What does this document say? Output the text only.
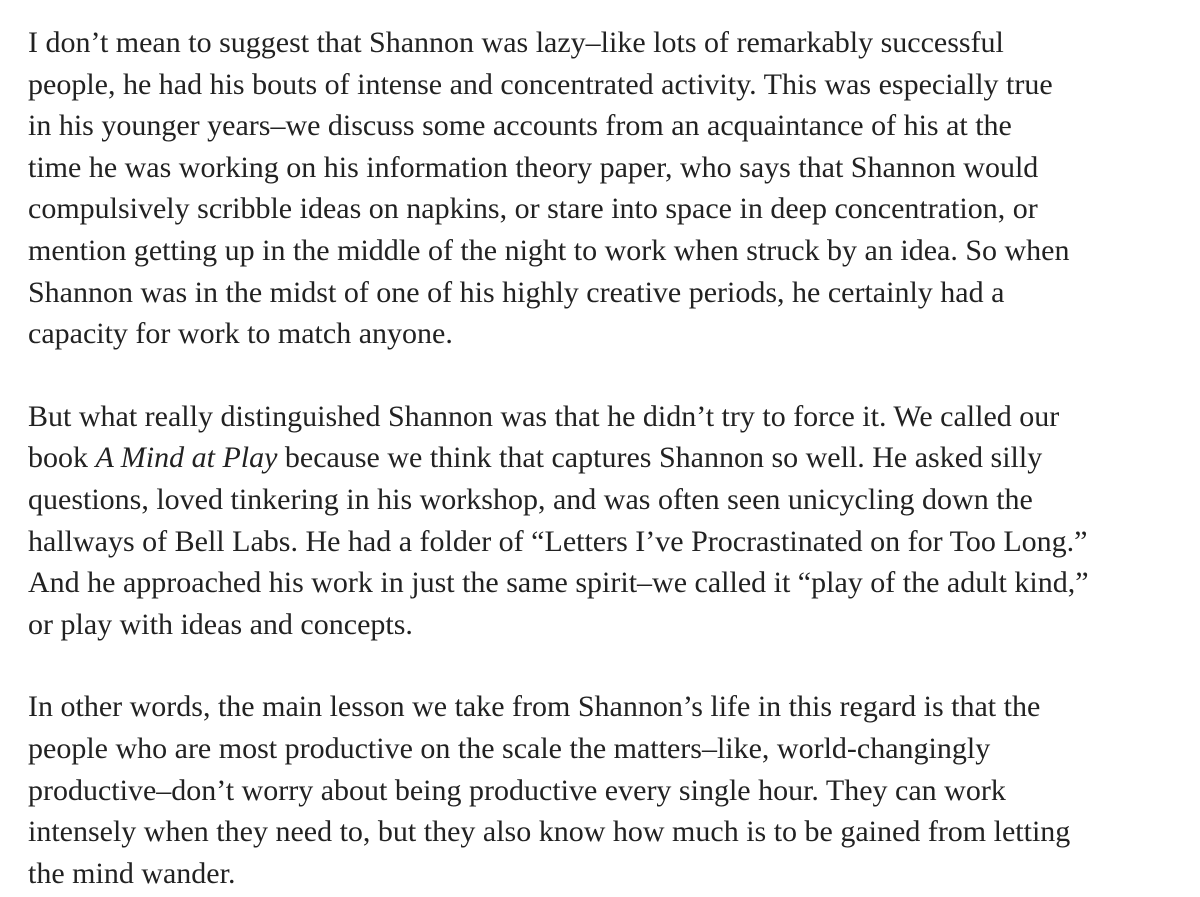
I don’t mean to suggest that Shannon was lazy–like lots of remarkably successful
people, he had his bouts of intense and concentrated activity. This was especially true
in his younger years–we discuss some accounts from an acquaintance of his at the
time he was working on his information theory paper, who says that Shannon would
compulsively scribble ideas on napkins, or stare into space in deep concentration, or
mention getting up in the middle of the night to work when struck by an idea. So when
Shannon was in the midst of one of his highly creative periods, he certainly had a
capacity for work to match anyone.

But what really distinguished Shannon was that he didn’t try to force it. We called our
book A Mind at Play because we think that captures Shannon so well. He asked silly
questions, loved tinkering in his workshop, and was often seen unicycling down the
hallways of Bell Labs. He had a folder of “Letters I’ve Procrastinated on for Too Long.”
And he approached his work in just the same spirit–we called it “play of the adult kind,”
or play with ideas and concepts.

In other words, the main lesson we take from Shannon’s life in this regard is that the
people who are most productive on the scale the matters–like, world-changingly
productive–don’t worry about being productive every single hour. They can work
intensely when they need to, but they also know how much is to be gained from letting
the mind wander.
